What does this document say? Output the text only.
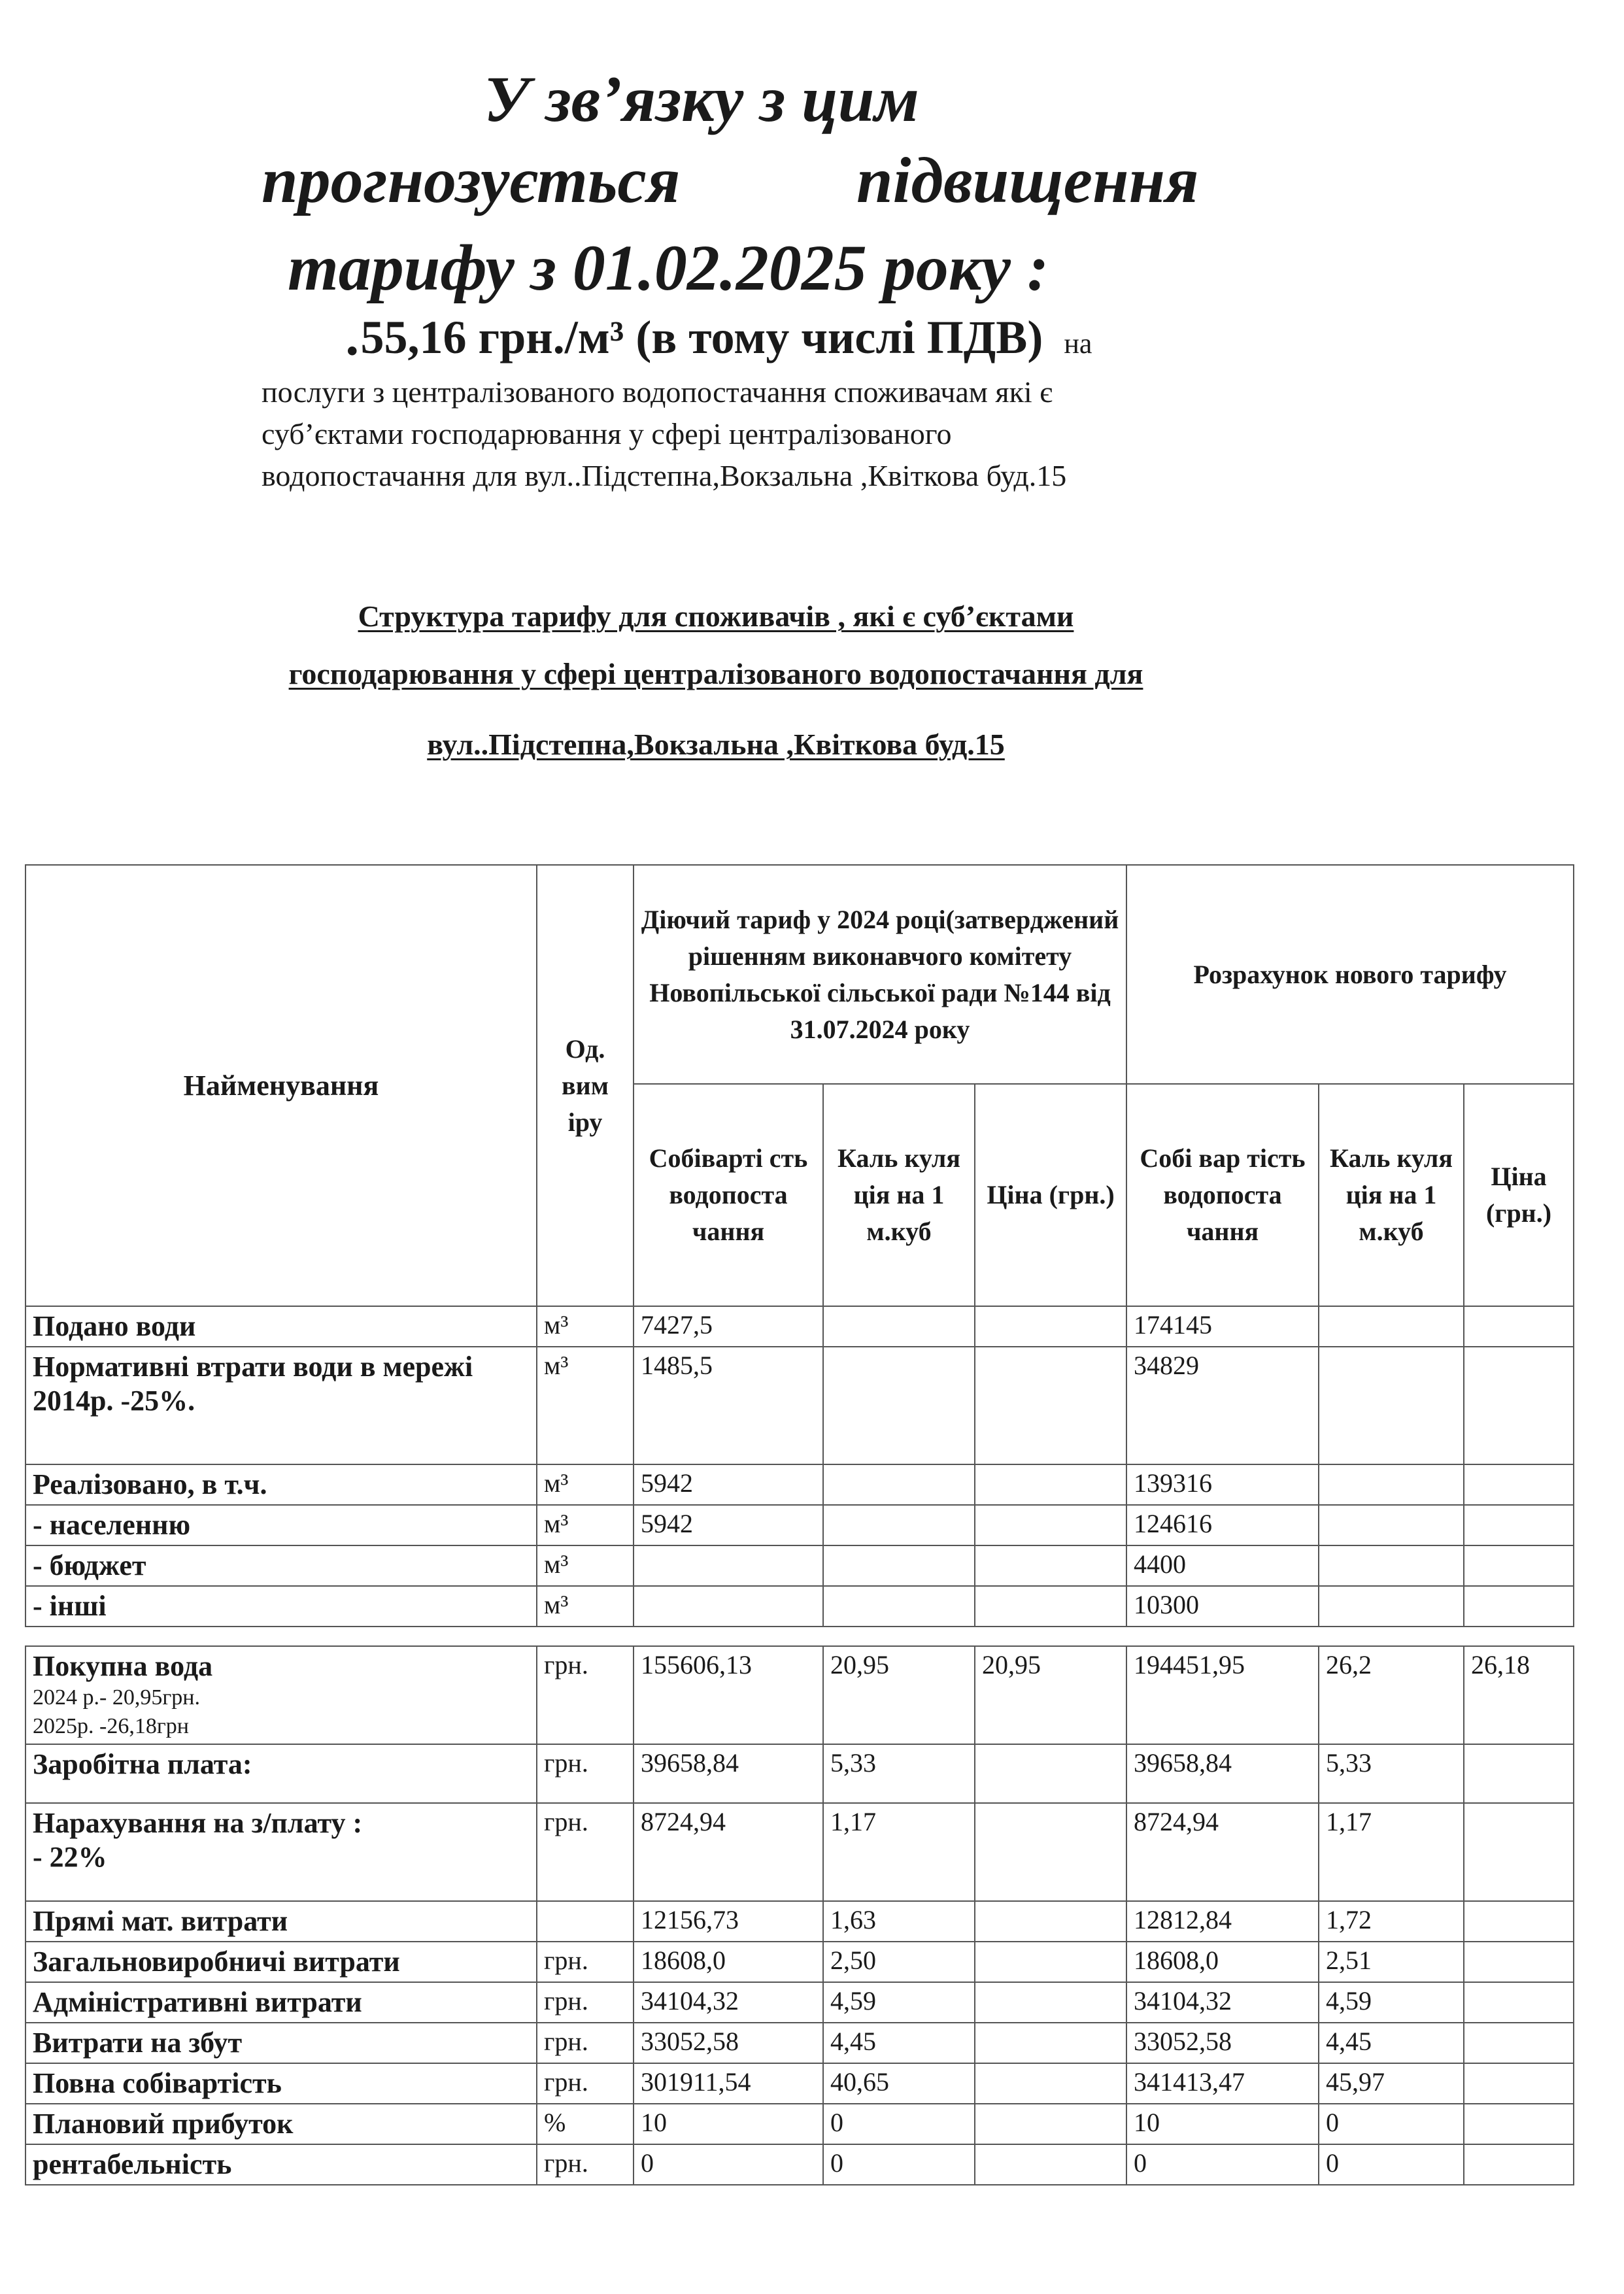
У зв’язку з цим
прогнозується	підвищення
тарифу з 01.02.2025 року :
• 55,16 грн./м³ (в тому числі ПДВ) на
послуги з централізованого водопостачання споживачам які є
суб’єктами господарювання у сфері централізованого
водопостачання для вул..Підстепна,Вокзальна ,Квіткова буд.15
Структура тарифу для споживачів , які є суб’єктами
господарювання у сфері централізованого водопостачання для
вул..Підстепна,Вокзальна ,Квіткова буд.15
Найменування	Од. вим іру	Діючий тариф у 2024 році(затверджений рішенням виконавчого комітету Новопільської сільської ради №144 від 31.07.2024 року			Розрахунок нового тарифу		
		Собіварті сть водопоста чання	Каль куля ція на 1 м.куб	Ціна (грн.)	Собі вар тість водопоста чання	Каль куля ція на 1 м.куб	Ціна (грн.)
Подано води	м³	7427,5			174145		
Нормативні втрати води в мережі
2014р. -25%.	м³	1485,5			34829		
Реалізовано, в т.ч.	м³	5942			139316		
- населенню	м³	5942			124616		
- бюджет	м³				4400		
- інші	м³				10300		

Покупна вода
2024 р.- 20,95грн.
2025р. -26,18грн	грн.	155606,13	20,95	20,95	194451,95	26,2	26,18
Заробітна плата:	грн.	39658,84	5,33		39658,84	5,33	
Нарахування на з/плату :
- 22%	грн.	8724,94	1,17		8724,94	1,17	
Прямі мат. витрати		12156,73	1,63		12812,84	1,72	
Загальновиробничі витрати	грн.	18608,0	2,50		18608,0	2,51	
Адміністративні витрати	грн.	34104,32	4,59		34104,32	4,59	
Витрати на збут	грн.	33052,58	4,45		33052,58	4,45	
Повна собівартість	грн.	301911,54	40,65		341413,47	45,97	
Плановий прибуток	%	10	0		10	0	
рентабельність	грн.	0	0		0	0	
